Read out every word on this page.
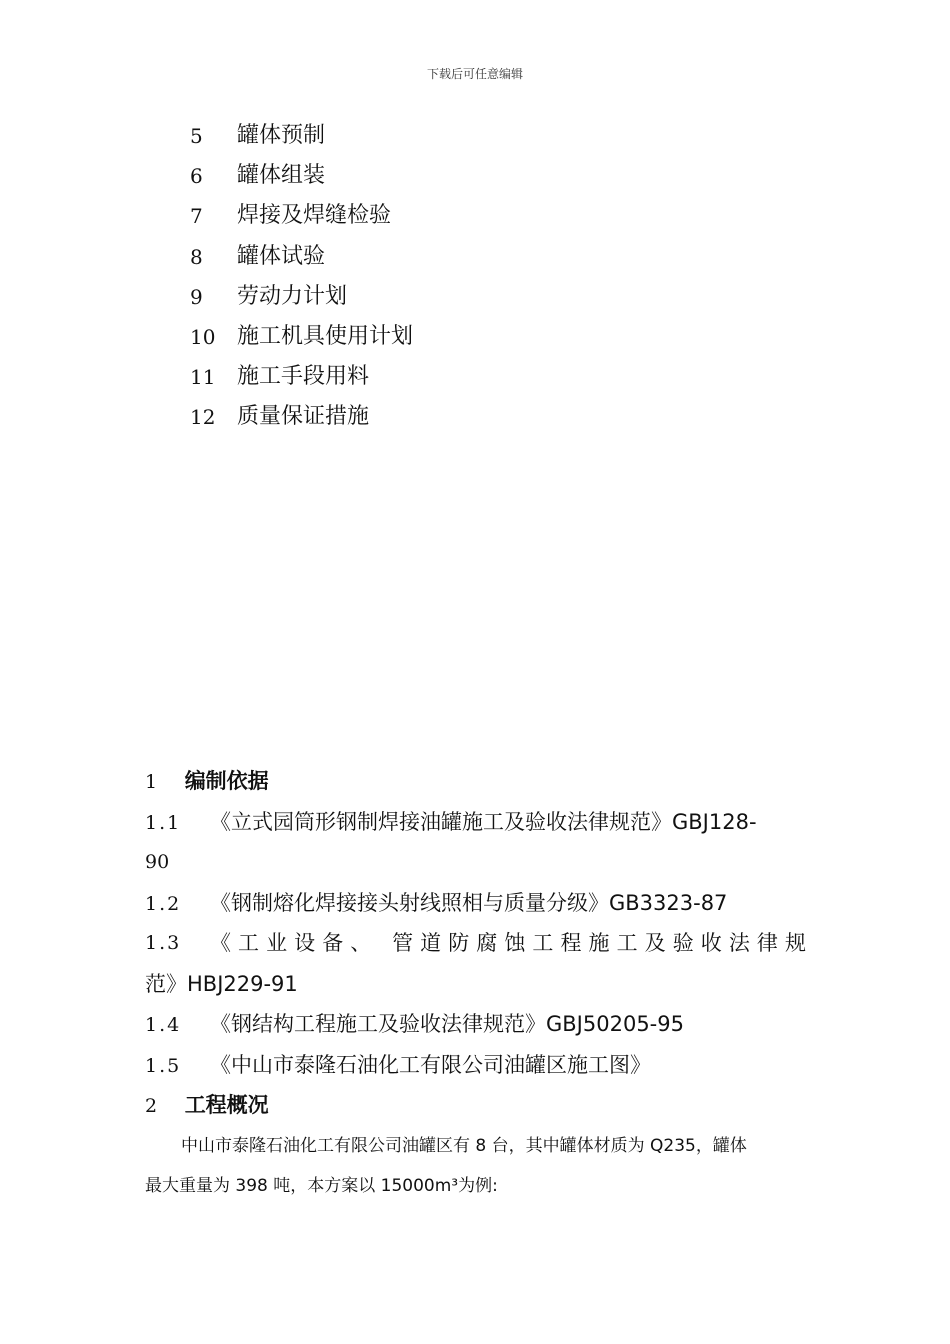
下载后可任意编辑
5 罐体预制
6 罐体组装
7 焊接及焊缝检验
8 罐体试验
9 劳动力计划
10 施工机具使用计划
11 施工手段用料
12 质量保证措施
1 编制依据
1.1 《立式园筒形钢制焊接油罐施工及验收法律规范》GBJ128-
90
1.2 《钢制熔化焊接接头射线照相与质量分级》GB3323-87
1.3	《工业设备、 管道防腐蚀工程施工及验收法律规
范》HBJ229-91
1.4 《钢结构工程施工及验收法律规范》GBJ50205-95
1.5 《中山市泰隆石油化工有限公司油罐区施工图》
2 工程概况
中山市泰隆石油化工有限公司油罐区有 8 台，其中罐体材质为 Q235，罐体
最大重量为 398 吨，本方案以 15000m³为例:
